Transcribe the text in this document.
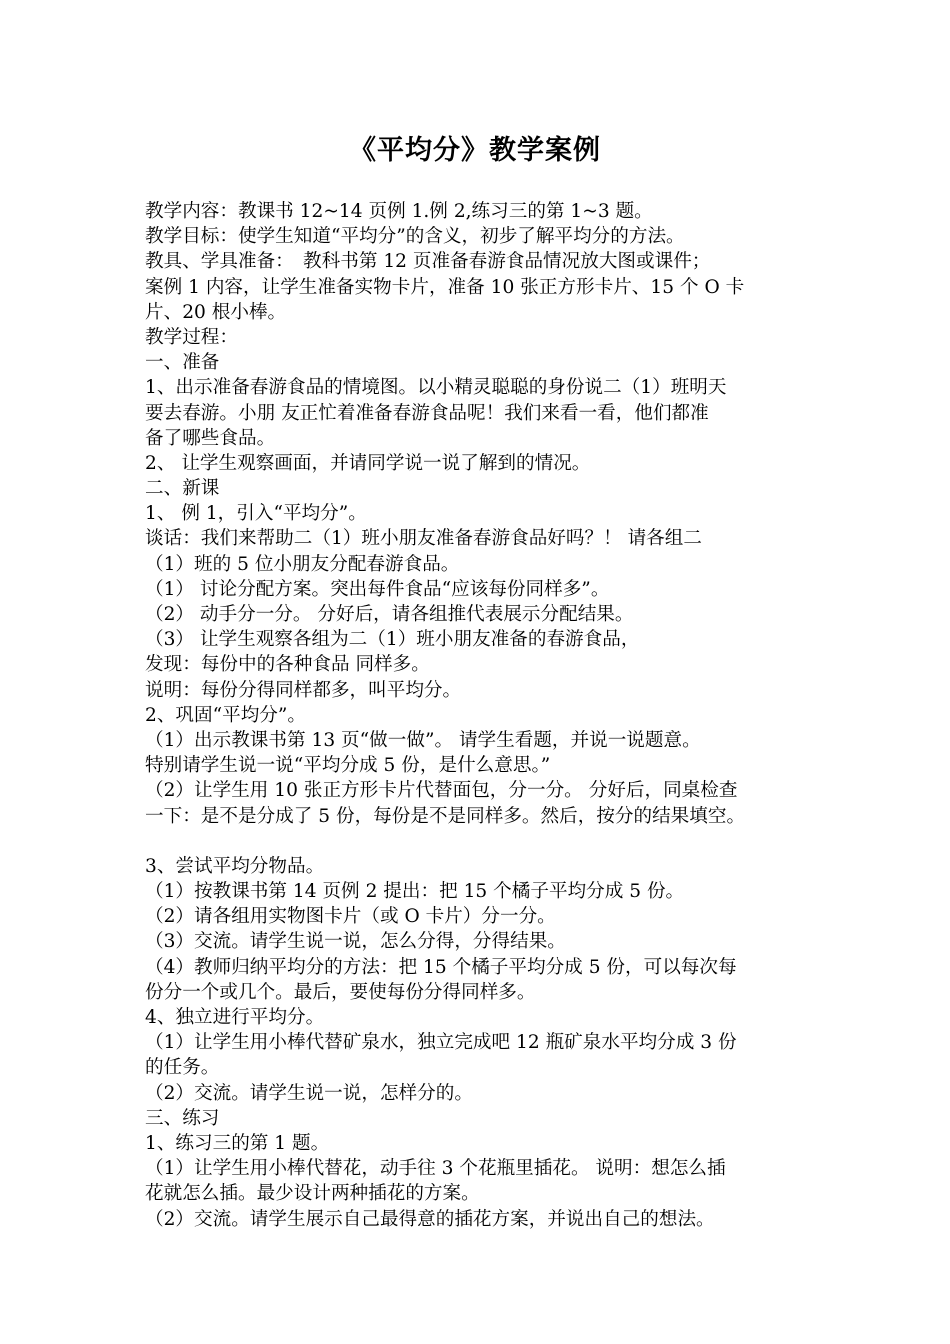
《平均分》教学案例
教学内容：教课书 12~14 页例 1.例 2,练习三的第 1~3 题。
教学目标：使学生知道“平均分”的含义，初步了解平均分的方法。
教具、学具准备：　教科书第 12 页准备春游食品情况放大图或课件；
案例 1 内容，让学生准备实物卡片，准备 10 张正方形卡片、15 个 O 卡
片、20 根小棒。
教学过程：
一、准备
1、出示准备春游食品的情境图。以小精灵聪聪的身份说二（1）班明天
要去春游。小朋 友正忙着准备春游食品呢！我们来看一看，他们都准
备了哪些食品。
2、 让学生观察画面，并请同学说一说了解到的情况。
二、新课
1、 例 1，引入“平均分”。
谈话：我们来帮助二（1）班小朋友准备春游食品好吗？！ 请各组二
（1）班的 5 位小朋友分配春游食品。
（1） 讨论分配方案。突出每件食品“应该每份同样多”。
（2） 动手分一分。 分好后，请各组推代表展示分配结果。
（3） 让学生观察各组为二（1）班小朋友准备的春游食品，
发现：每份中的各种食品 同样多。
说明：每份分得同样都多，叫平均分。
2、巩固“平均分”。
（1）出示教课书第 13 页“做一做”。 请学生看题，并说一说题意。
特别请学生说一说“平均分成 5 份，是什么意思。”
（2）让学生用 10 张正方形卡片代替面包，分一分。 分好后，同桌检查
一下：是不是分成了 5 份，每份是不是同样多。然后，按分的结果填空。
3、尝试平均分物品。
（1）按教课书第 14 页例 2 提出：把 15 个橘子平均分成 5 份。
（2）请各组用实物图卡片（或 O 卡片）分一分。
（3）交流。请学生说一说，怎么分得，分得结果。
（4）教师归纳平均分的方法：把 15 个橘子平均分成 5 份，可以每次每
份分一个或几个。最后，要使每份分得同样多。
4、独立进行平均分。
（1）让学生用小棒代替矿泉水，独立完成吧 12 瓶矿泉水平均分成 3 份
的任务。
（2）交流。请学生说一说，怎样分的。
三、练习
1、练习三的第 1 题。
（1）让学生用小棒代替花，动手往 3 个花瓶里插花。 说明：想怎么插
花就怎么插。最少设计两种插花的方案。
（2）交流。请学生展示自己最得意的插花方案，并说出自己的想法。
